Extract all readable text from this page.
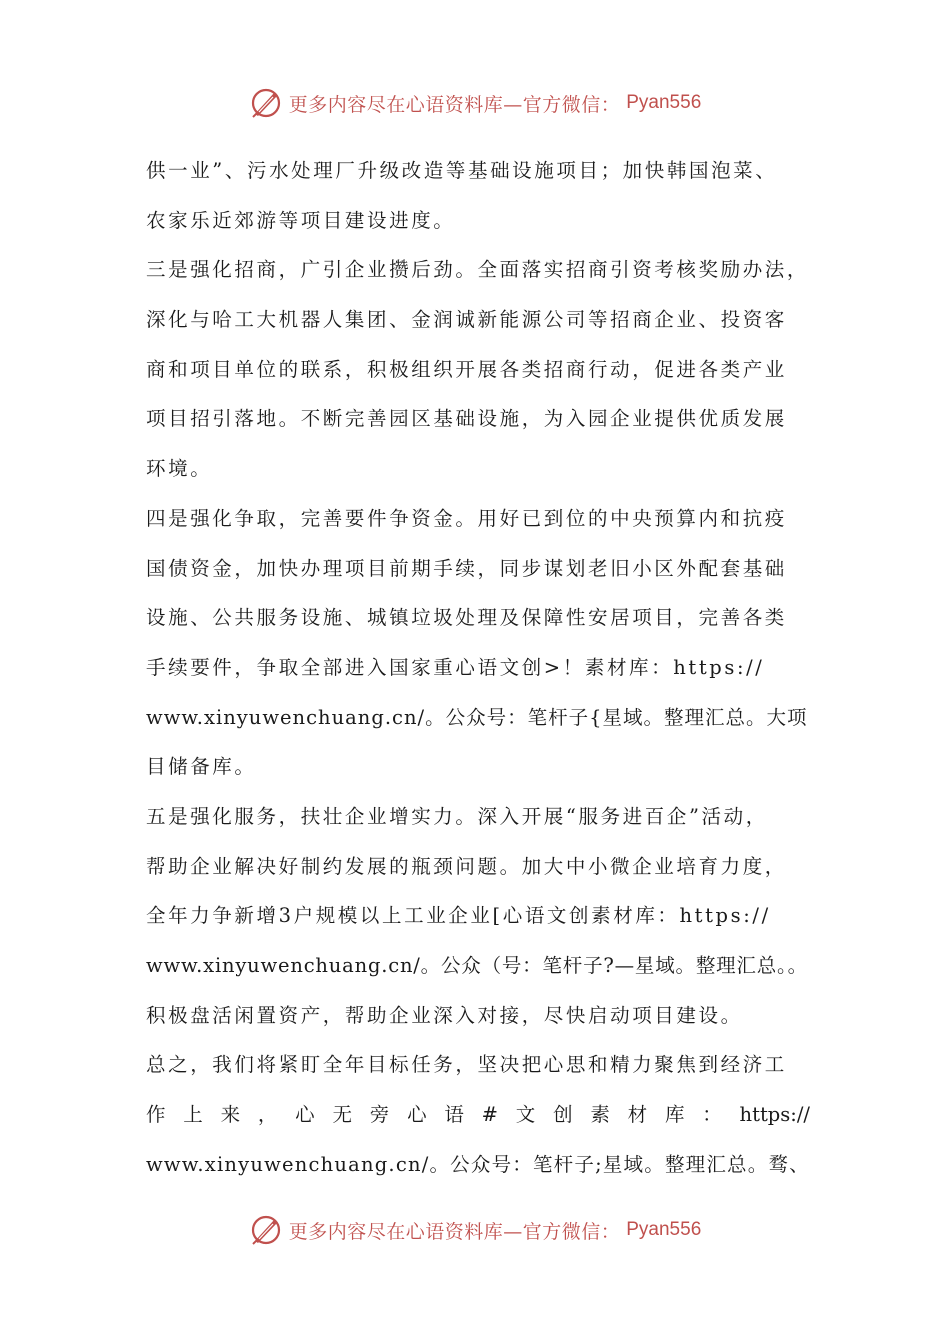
更多内容尽在心语资料库—官方微信： Pyan556
供一业”、污水处理厂升级改造等基础设施项目；加快韩国泡菜、
农家乐近郊游等项目建设进度。
三是强化招商，广引企业攒后劲。全面落实招商引资考核奖励办法，
深化与哈工大机器人集团、金润诚新能源公司等招商企业、投资客
商和项目单位的联系，积极组织开展各类招商行动，促进各类产业
项目招引落地。不断完善园区基础设施，为入园企业提供优质发展
环境。
四是强化争取，完善要件争资金。用好已到位的中央预算内和抗疫
国债资金，加快办理项目前期手续，同步谋划老旧小区外配套基础
设施、公共服务设施、城镇垃圾处理及保障性安居项目，完善各类
手续要件，争取全部进入国家重心语文创>！素材库：https://
www.xinyuwenchuang.cn/。公众号：笔杆子{星域。整理汇总。大项
目储备库。
五是强化服务，扶壮企业增实力。深入开展“服务进百企”活动，
帮助企业解决好制约发展的瓶颈问题。加大中小微企业培育力度，
全年力争新增3户规模以上工业企业[心语文创素材库：https://
www.xinyuwenchuang.cn/。公众（号：笔杆子?—星域。整理汇总。。
积极盘活闲置资产，帮助企业深入对接，尽快启动项目建设。
总之，我们将紧盯全年目标任务，坚决把心思和精力聚焦到经济工
作上来，心无旁心语#文创素材库：https://
www.xinyuwenchuang.cn/。公众号：笔杆子;星域。整理汇总。骛、
更多内容尽在心语资料库—官方微信： Pyan556
